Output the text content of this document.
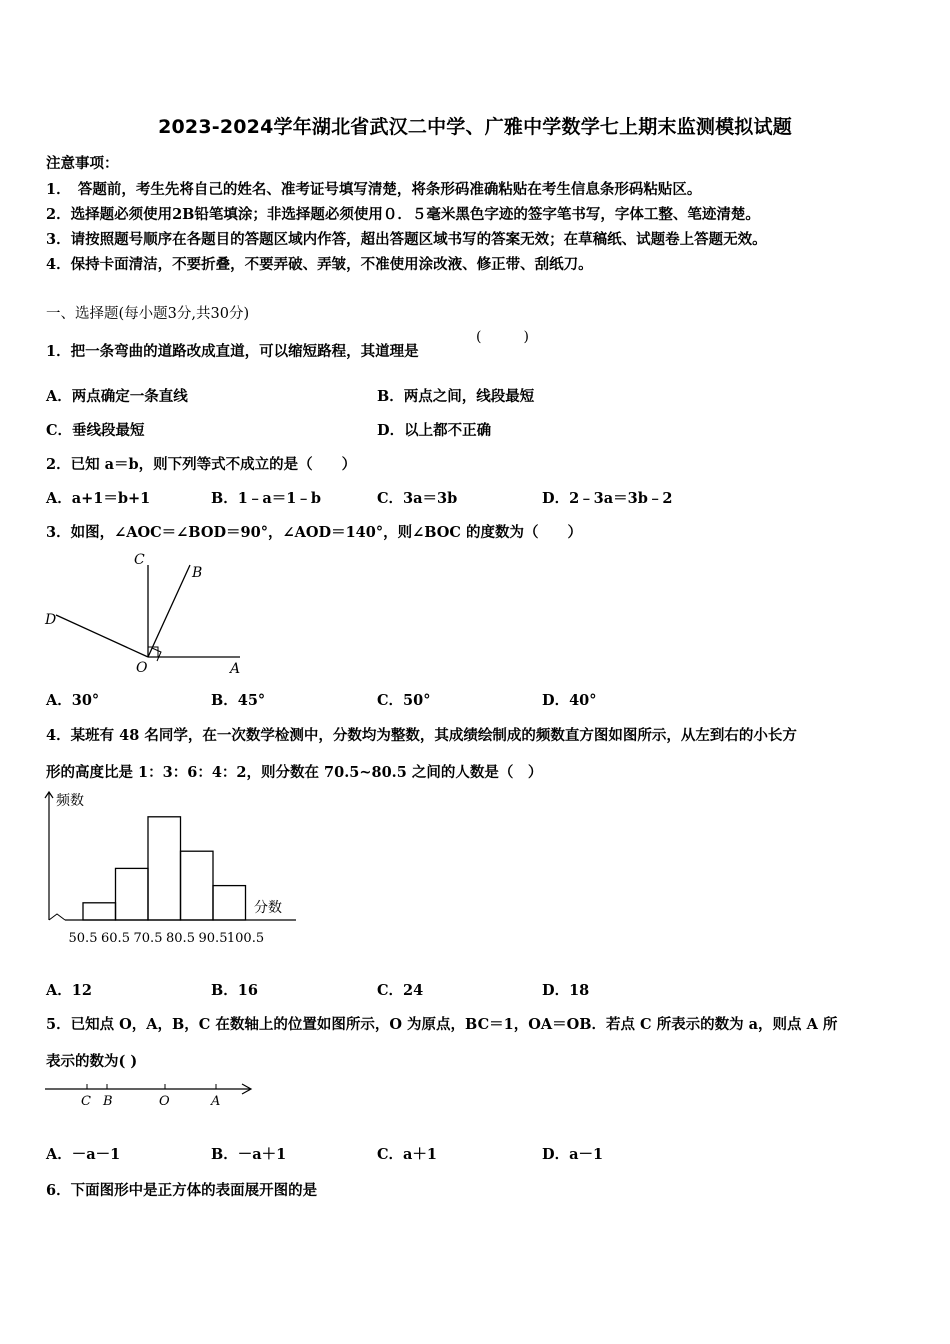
2023-2024学年湖北省武汉二中学、广雅中学数学七上期末监测模拟试题
注意事项：
1．　答题前，考生先将自己的姓名、准考证号填写清楚，将条形码准确粘贴在考生信息条形码粘贴区。
2．选择题必须使用2B铅笔填涂；非选择题必须使用０．５毫米黑色字迹的签字笔书写，字体工整、笔迹清楚。
3．请按照题号顺序在各题目的答题区域内作答，超出答题区域书写的答案无效；在草稿纸、试题卷上答题无效。
4．保持卡面清洁，不要折叠，不要弄破、弄皱，不准使用涂改液、修正带、刮纸刀。
一、选择题(每小题3分,共30分)
1．把一条弯曲的道路改成直道，可以缩短路程，其道理是
(　　　)
A．两点确定一条直线	B．两点之间，线段最短
C．垂线段最短	D．以上都不正确
2．已知 a＝b，则下列等式不成立的是（　　）
A．a+1＝b+1	B．1﹣a＝1﹣b	C．3a＝3b	D．2﹣3a＝3b﹣2
3．如图，∠AOC＝∠BOD＝90°，∠AOD＝140°，则∠BOC 的度数为（　　）
C
B
D
O	A
A．30°	B．45°	C．50°	D．40°
4．某班有 48 名同学，在一次数学检测中，分数均为整数，其成绩绘制成的频数直方图如图所示，从左到右的小长方
形的高度比是 1：3：6：4：2，则分数在 70.5~80.5 之间的人数是（　）
频数
分数
50.5 60.5 70.5 80.5 90.5 100.5
A．12	B．16	C．24	D．18
5．已知点 O，A，B，C 在数轴上的位置如图所示，O 为原点，BC＝1，OA＝OB．若点 C 所表示的数为 a，则点 A 所
表示的数为( )
C B	O	A
A．－a－1	B．－a＋1	C．a＋1	D．a－1
6．下面图形中是正方体的表面展开图的是
